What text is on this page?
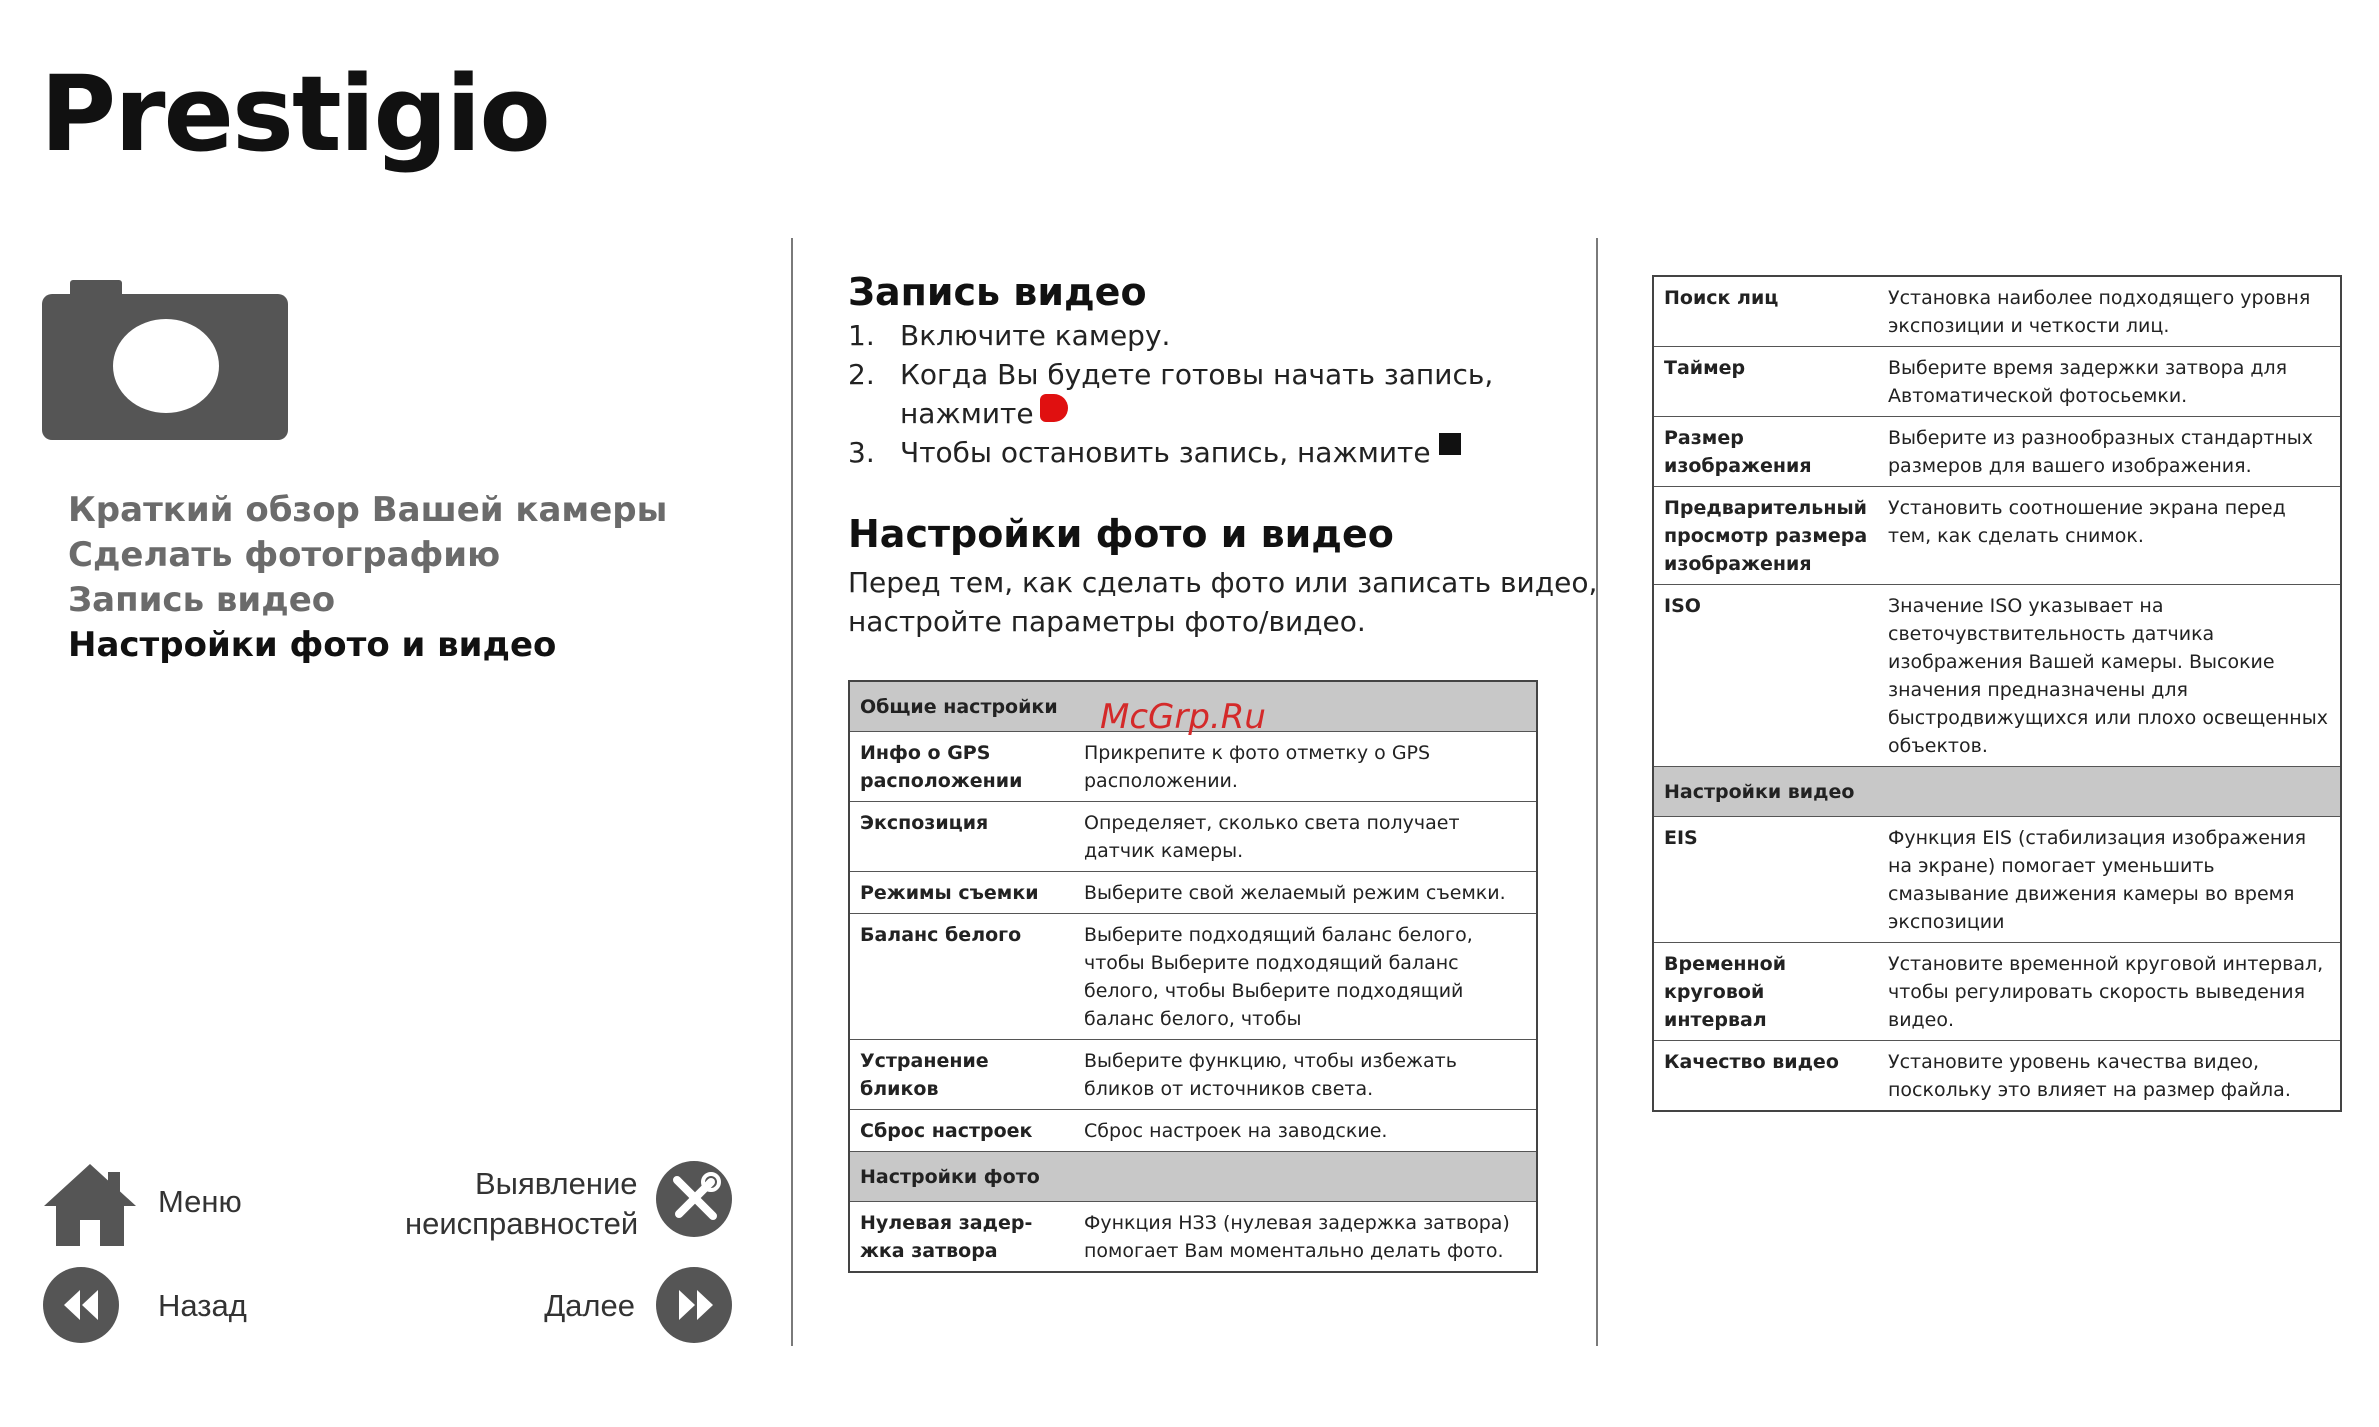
Prestigio
Краткий обзор Вашей камеры
Сделать фотографию
Запись видео
Настройки фото и видео
Меню
Выявление
неисправностей
Назад	Далее
Запись видео
1. Включите камеру.
2. Когда Вы будете готовы начать запись,
нажмите
3. Чтобы остановить запись, нажмите
Настройки фото и видео
Перед тем, как сделать фото или записать видео,
настройте параметры фото/видео.
Общие настройки	
Инфо о GPS расположении	Прикрепите к фото отметку о GPS расположении.
Экспозиция	Определяет, сколько света получает датчик камеры.
Режимы съемки	Выберите свой желаемый режим съемки.
Баланс белого	Выберите подходящий баланс белого, чтобы Выберите подходящий баланс белого, чтобы Выберите подходящий баланс белого, чтобы
Устранение бликов	Выберите функцию, чтобы избежать бликов от источников света.
Сброс настроек	Сброс настроек на заводские.
Настройки фото	
Нулевая задер-жка затвора	Функция НЗЗ (нулевая задержка затвора) помогает Вам моментально делать фото.
Поиск лиц	Установка наиболее подходящего уровня экспозиции и четкости лиц.
Таймер	Выберите время задержки затвора для Автоматической фотосьемки.
Размер изображения	Выберите из разнообразных стандартных размеров для вашего изображения.
Предварительный просмотр размера изображения	Установить соотношение экрана перед тем, как сделать снимок.
ISO	Значение ISO указывает на светочувствительность датчика изображения Вашей камеры. Высокие значения предназначены для быстродвижущихся или плохо освещенных объектов.
Настройки видео	
EIS	Функция EIS (стабилизация изображения на экране) помогает уменьшить смазывание движения камеры во время экспозиции
Временной круговой интервал	Установите временной круговой интервал, чтобы регулировать скорость выведения видео.
Качество видео	Установите уровень качества видео, поскольку это влияет на размер файла.
McGrp.Ru
